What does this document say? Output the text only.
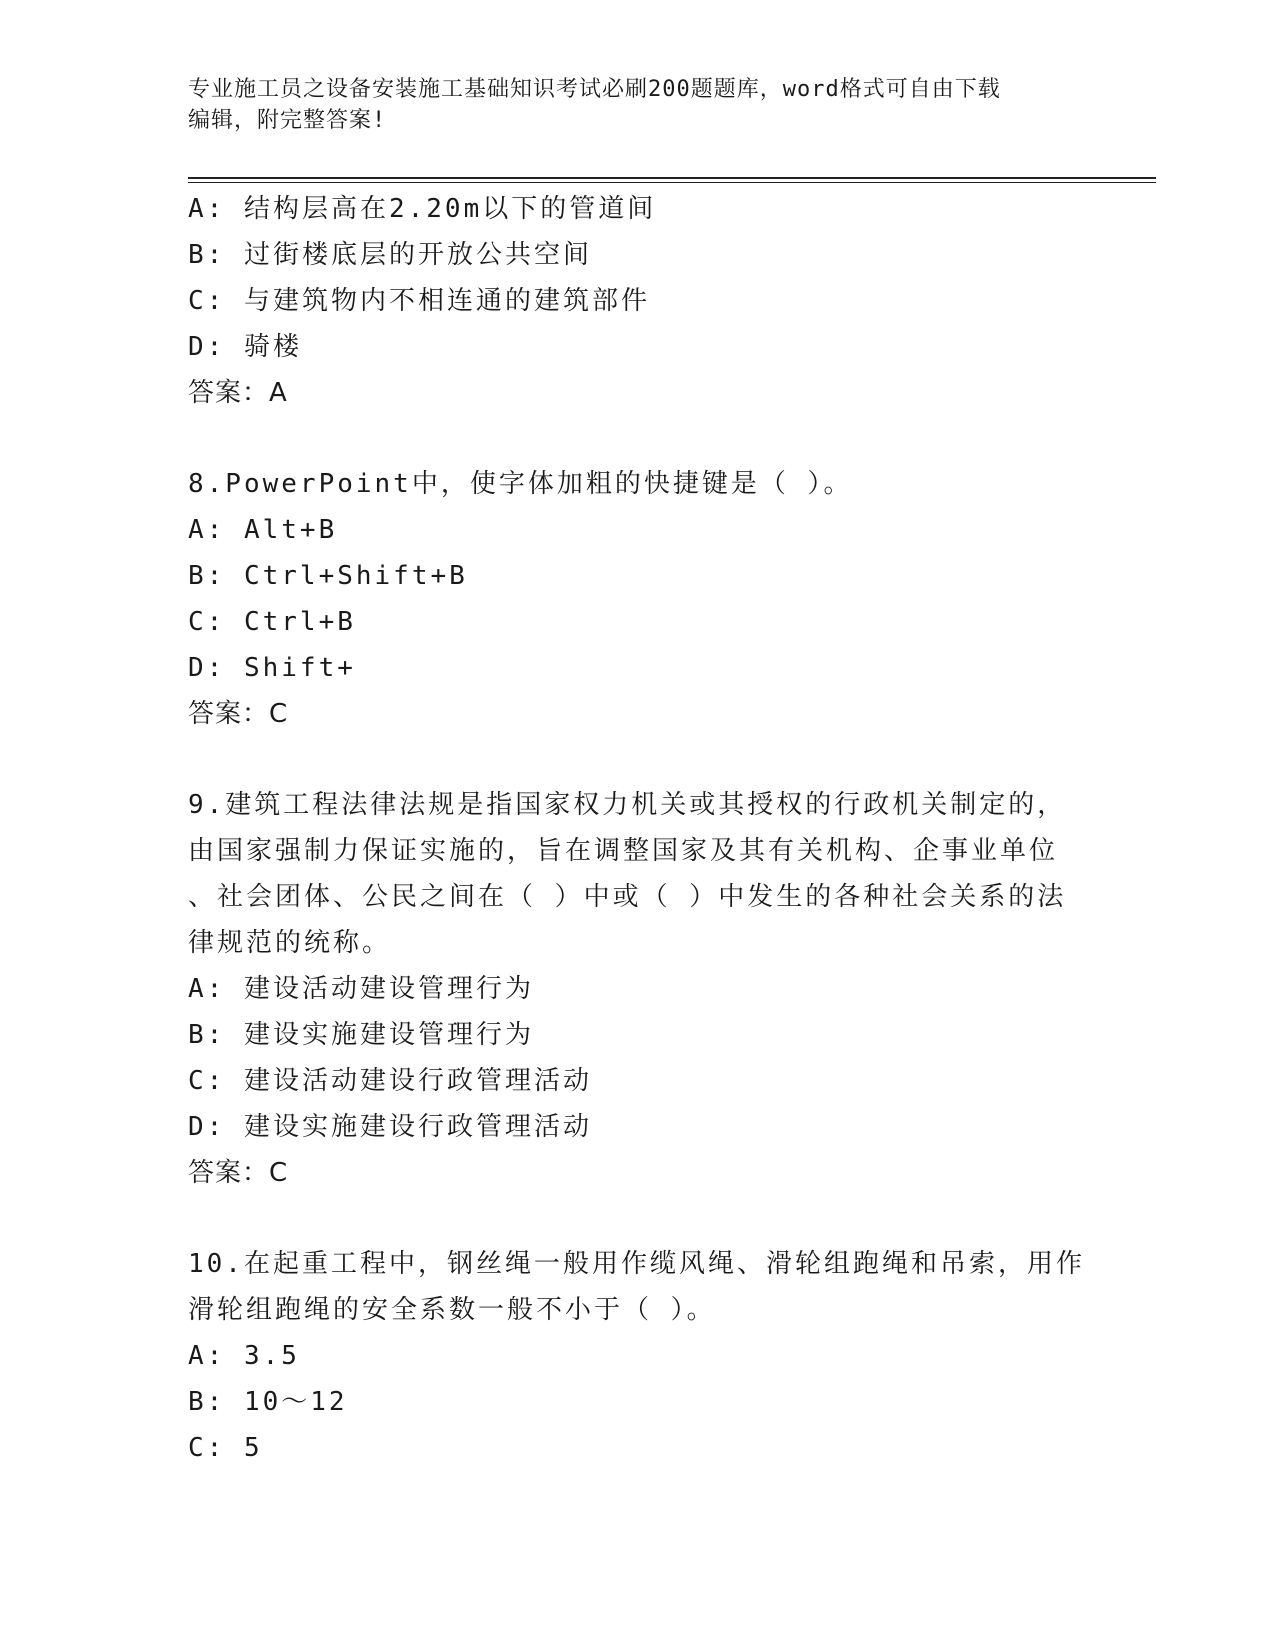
专业施工员之设备安装施工基础知识考试必刷200题题库，word格式可自由下载
编辑，附完整答案!

A: 结构层高在2.20m以下的管道间

B: 过街楼底层的开放公共空间

C: 与建筑物内不相连通的建筑部件

D: 骑楼

答案：A

8.PowerPoint中，使字体加粗的快捷键是（ ）。

A: Alt+B

B: Ctrl+Shift+B

C: Ctrl+B

D: Shift+

答案：C

9.建筑工程法律法规是指国家权力机关或其授权的行政机关制定的，

由国家强制力保证实施的，旨在调整国家及其有关机构、企事业单位

、社会团体、公民之间在（ ）中或（ ）中发生的各种社会关系的法

律规范的统称。

A: 建设活动建设管理行为

B: 建设实施建设管理行为

C: 建设活动建设行政管理活动

D: 建设实施建设行政管理活动

答案：C

10.在起重工程中，钢丝绳一般用作缆风绳、滑轮组跑绳和吊索，用作

滑轮组跑绳的安全系数一般不小于（ ）。

A: 3.5

B: 10～12

C: 5
